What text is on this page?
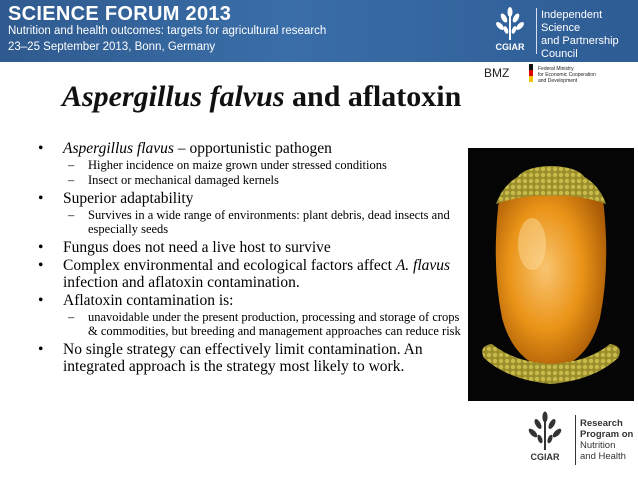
SCIENCE FORUM 2013
Nutrition and health outcomes: targets for agricultural research
23–25 September 2013, Bonn, Germany	CGIAR
Independent Science
and Partnership
Council
BMZ	Federal Ministry
for Economic Cooperation
and Development
Aspergillus falvus and aflatoxin
• Aspergillus flavus – opportunistic pathogen
– Higher incidence on maize grown under stressed conditions
– Insect or mechanical damaged kernels
• Superior adaptability
– Survives in a wide range of environments: plant debris, dead insects and especially seeds
• Fungus does not need a live host to survive
• Complex environmental and ecological factors affect A. flavus infection and aflatoxin contamination.
• Aflatoxin contamination is:
– unavoidable under the present production, processing and storage of crops & commodities, but breeding and management approaches can reduce risk
• No single strategy can effectively limit contamination. An integrated approach is the strategy most likely to work.
CGIAR
Research
Program on
Nutrition
and Health
